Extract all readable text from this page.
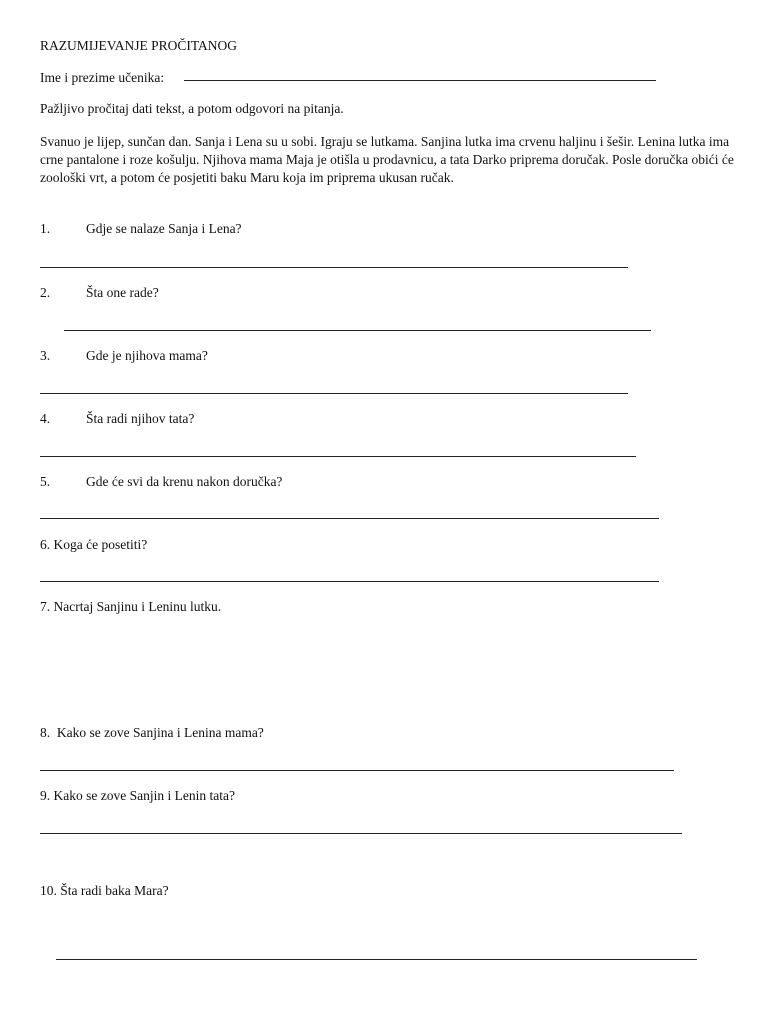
RAZUMIJEVANJE PROČITANOG
Ime i prezime učenika:
Pažljivo pročitaj dati tekst, a potom odgovori na pitanja.
Svanuo je lijep, sunčan dan. Sanja i Lena su u sobi. Igraju se lutkama. Sanjina lutka ima crvenu haljinu i šešir. Lenina lutka ima crne pantalone i roze košulju. Njihova mama Maja je otišla u prodavnicu, a tata Darko priprema doručak. Posle doručka obići će zoološki vrt, a potom će posjetiti baku Maru koja im priprema ukusan ručak.
1.	Gdje se nalaze Sanja i Lena?
2.	Šta one rade?
3.	Gde je njihova mama?
4.	Šta radi njihov tata?
5.	Gde će svi da krenu nakon doručka?
6. Koga će posetiti?
7. Nacrtaj Sanjinu i Leninu lutku.
8. Kako se zove Sanjina i Lenina mama?
9. Kako se zove Sanjin i Lenin tata?
10. Šta radi baka Mara?
